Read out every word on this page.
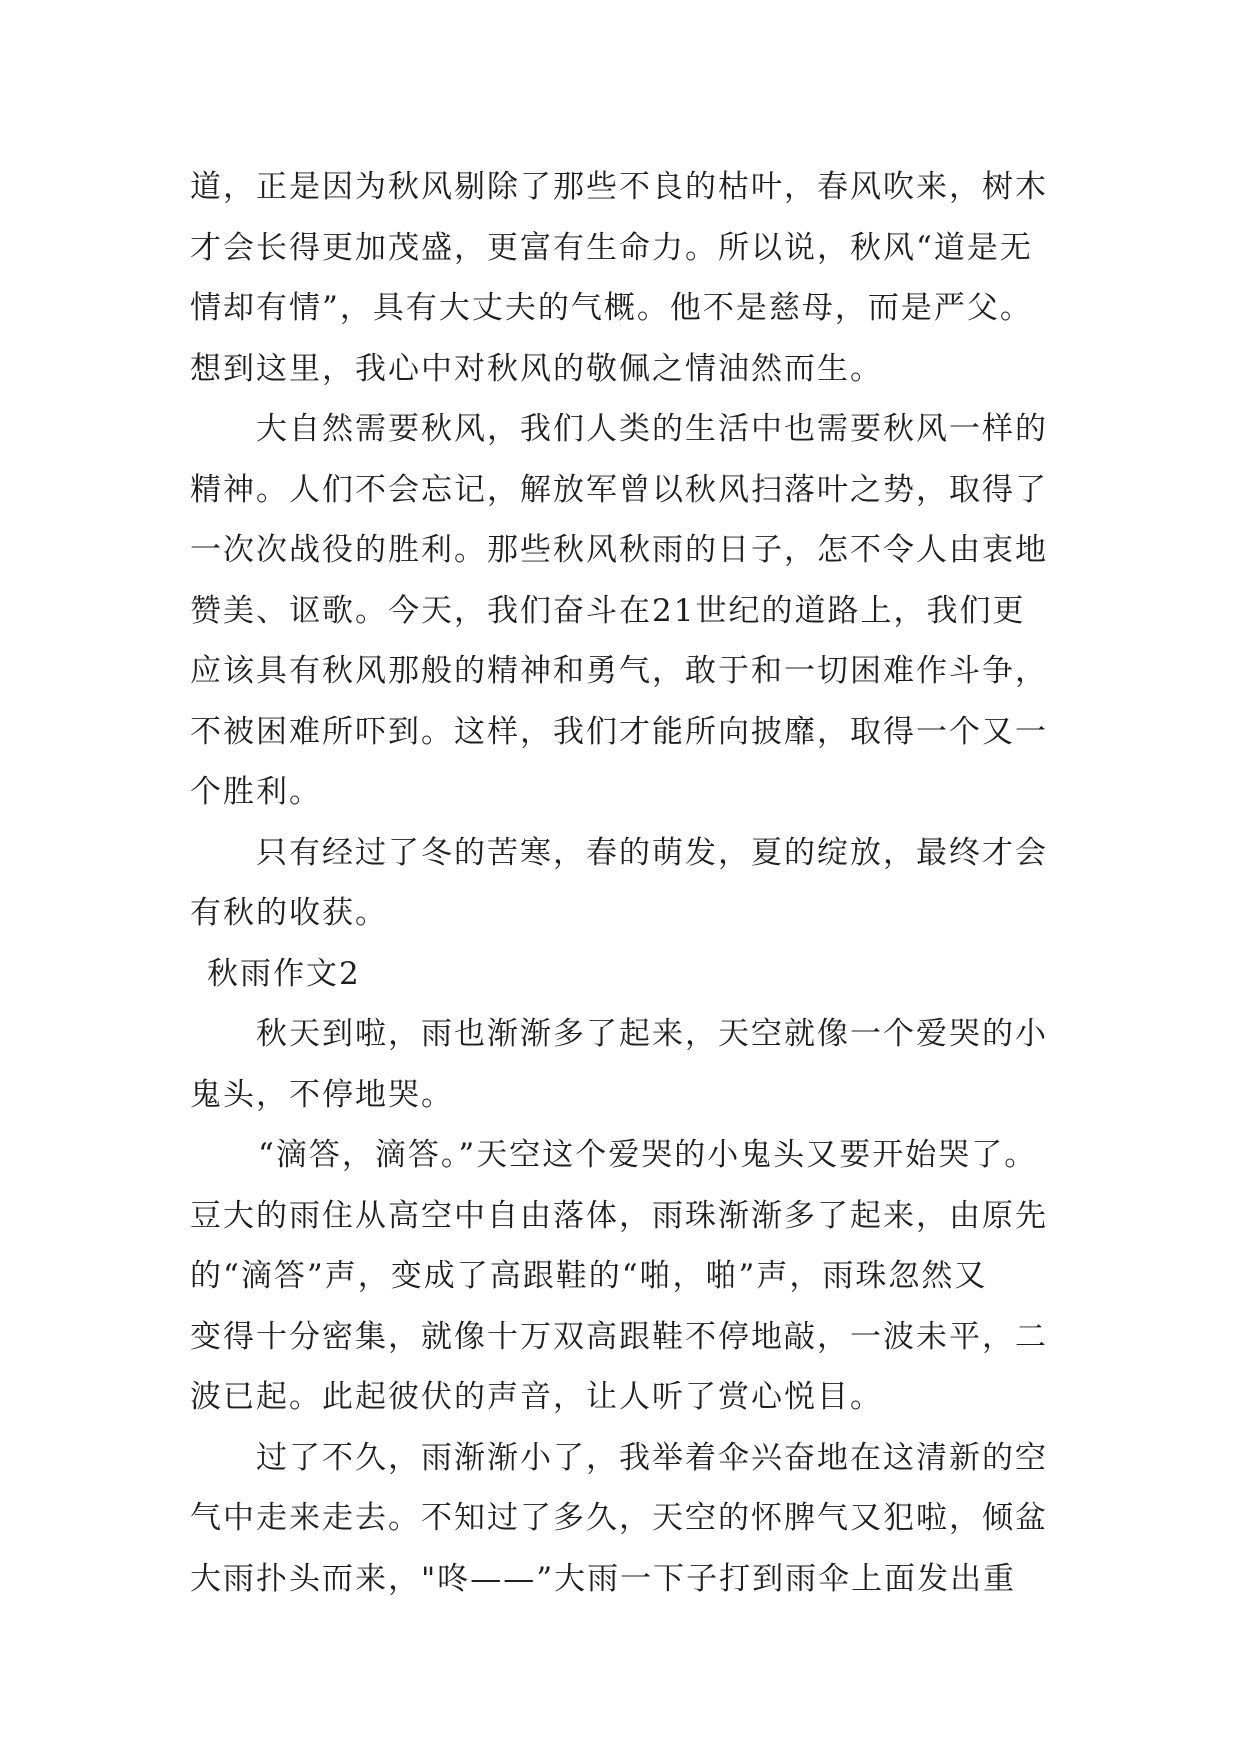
道，正是因为秋风剔除了那些不良的枯叶，春风吹来，树木
才会长得更加茂盛，更富有生命力。所以说，秋风“道是无
情却有情”，具有大丈夫的气概。他不是慈母，而是严父。
想到这里，我心中对秋风的敬佩之情油然而生。
大自然需要秋风，我们人类的生活中也需要秋风一样的
精神。人们不会忘记，解放军曾以秋风扫落叶之势，取得了
一次次战役的胜利。那些秋风秋雨的日子，怎不令人由衷地
赞美、讴歌。今天，我们奋斗在21世纪的道路上，我们更
应该具有秋风那般的精神和勇气，敢于和一切困难作斗争，
不被困难所吓到。这样，我们才能所向披靡，取得一个又一
个胜利。
只有经过了冬的苦寒，春的萌发，夏的绽放，最终才会
有秋的收获。
秋雨作文2
秋天到啦，雨也渐渐多了起来，天空就像一个爱哭的小
鬼头，不停地哭。
“滴答，滴答。”天空这个爱哭的小鬼头又要开始哭了。
豆大的雨住从高空中自由落体，雨珠渐渐多了起来，由原先
的“滴答”声，变成了高跟鞋的“啪，啪”声，雨珠忽然又
变得十分密集，就像十万双高跟鞋不停地敲，一波未平，二
波已起。此起彼伏的声音，让人听了赏心悦目。
过了不久，雨渐渐小了，我举着伞兴奋地在这清新的空
气中走来走去。不知过了多久，天空的怀脾气又犯啦，倾盆
大雨扑头而来，"咚——”大雨一下子打到雨伞上面发出重
